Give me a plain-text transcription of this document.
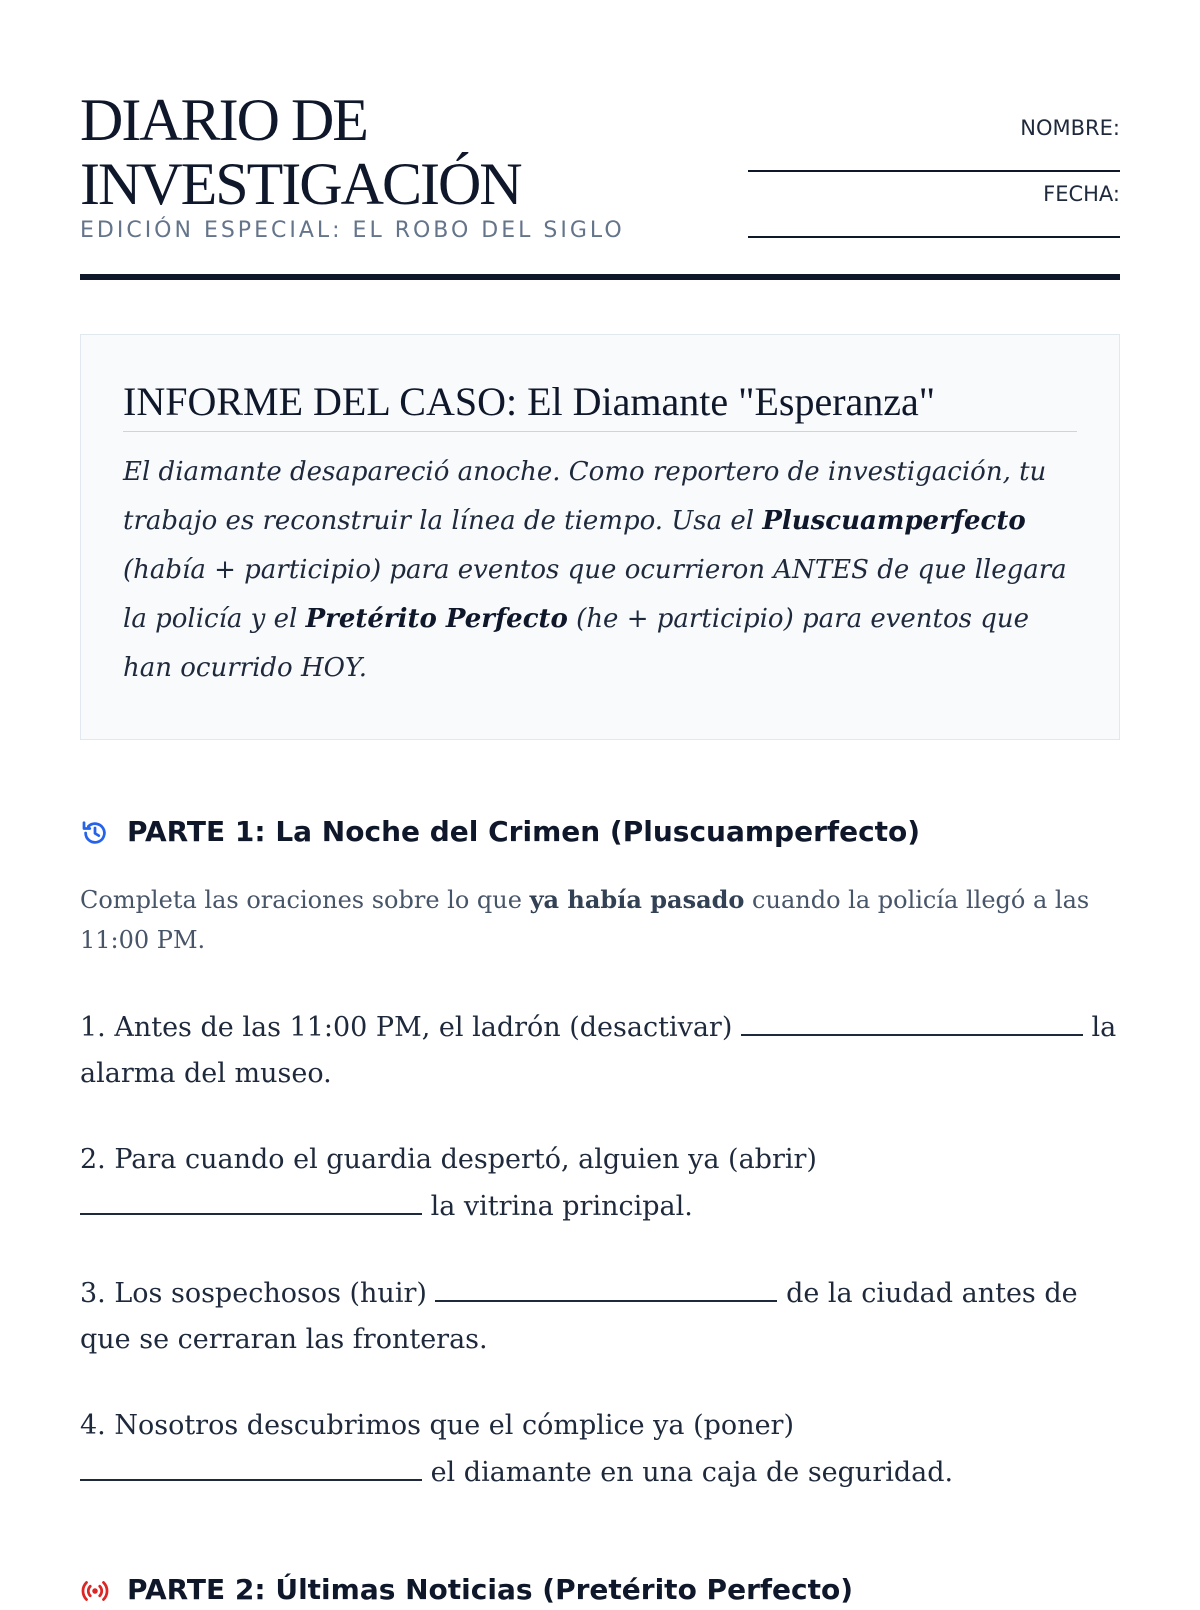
DIARIO DE
INVESTIGACIÓN
EDICIÓN ESPECIAL: EL ROBO DEL SIGLO
NOMBRE:
FECHA:
INFORME DEL CASO: El Diamante "Esperanza"
El diamante desapareció anoche. Como reportero de investigación, tu trabajo es reconstruir la línea de tiempo. Usa el Pluscuamperfecto (había + participio) para eventos que ocurrieron ANTES de que llegara la policía y el Pretérito Perfecto (he + participio) para eventos que han ocurrido HOY.
PARTE 1: La Noche del Crimen (Pluscuamperfecto)
Completa las oraciones sobre lo que ya había pasado cuando la policía llegó a las 11:00 PM.
1. Antes de las 11:00 PM, el ladrón (desactivar)	la alarma del museo.
2. Para cuando el guardia despertó, alguien ya (abrir)  la vitrina principal.
3. Los sospechosos (huir)	de la ciudad antes de que se cerraran las fronteras.
4. Nosotros descubrimos que el cómplice ya (poner)  el diamante en una caja de seguridad.
PARTE 2: Últimas Noticias (Pretérito Perfecto)
